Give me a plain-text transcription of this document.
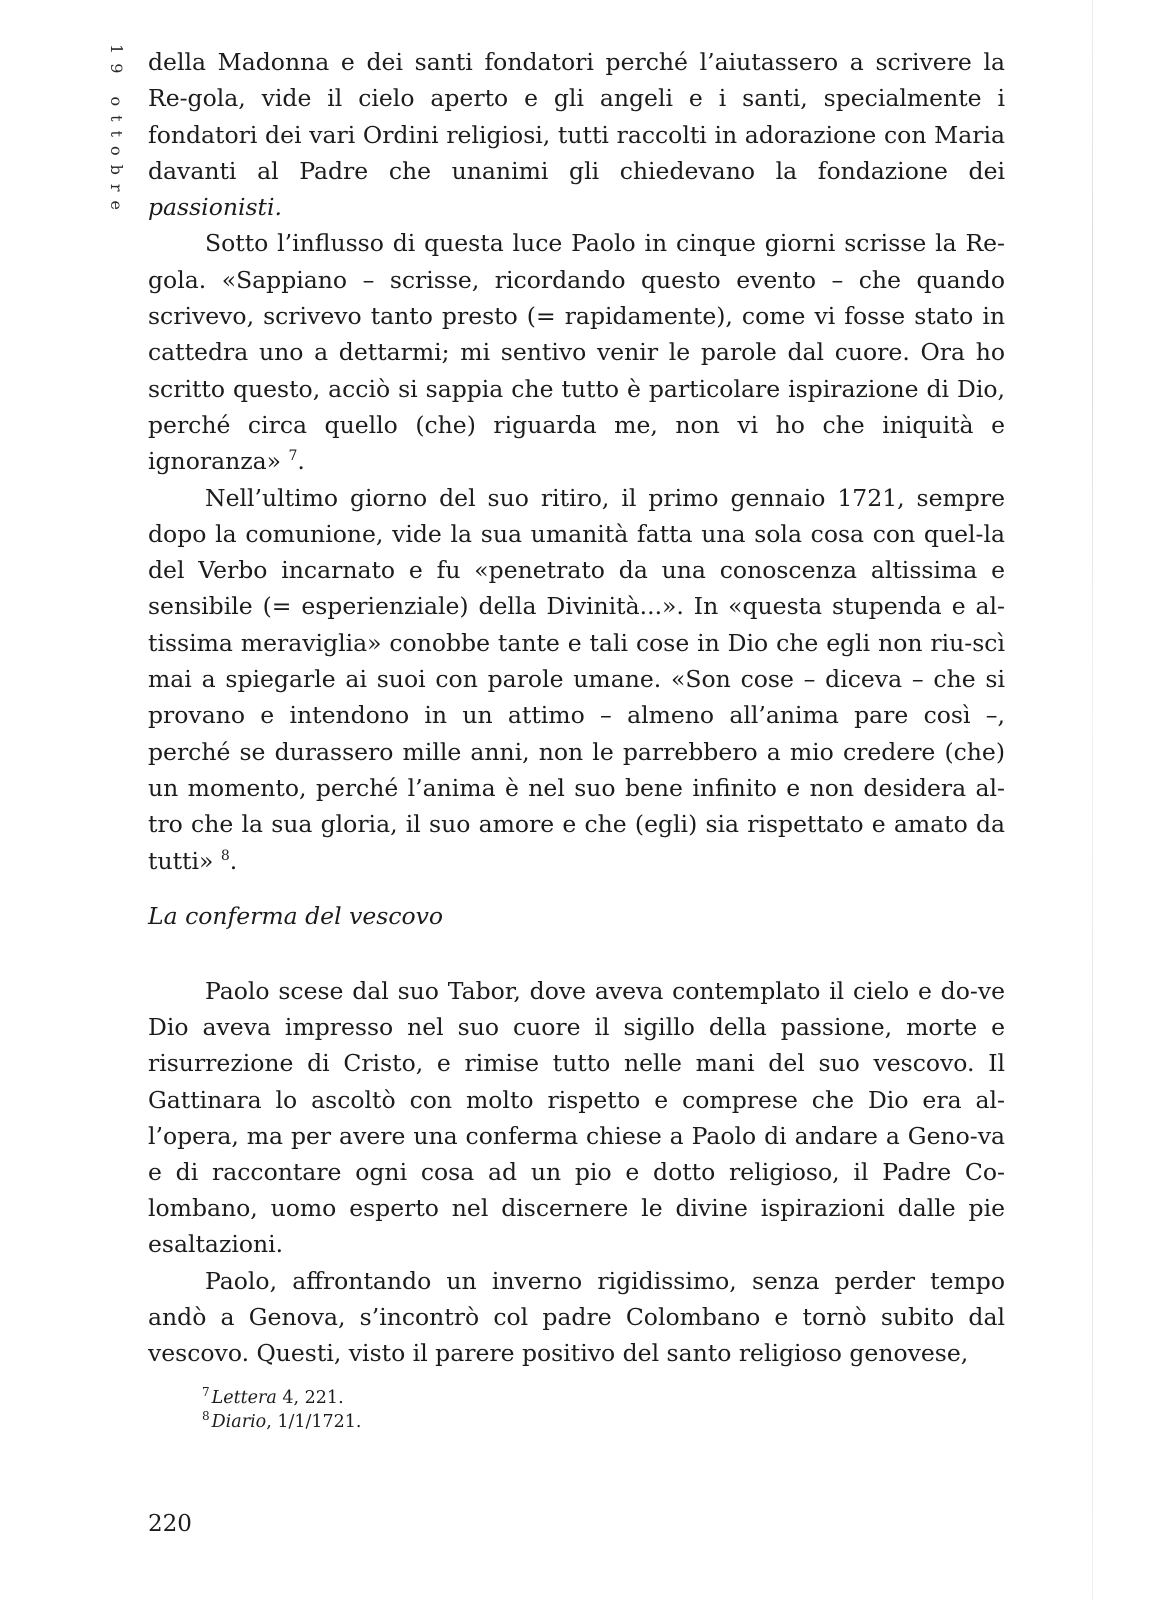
19 ottobre della Madonna e dei santi fondatori perché l’aiutassero a scrivere la Re-gola, vide il cielo aperto e gli angeli e i santi, specialmente i fondatori dei vari Ordini religiosi, tutti raccolti in adorazione con Maria davanti al Padre che unanimi gli chiedevano la fondazione dei passionisti.

Sotto l’influsso di questa luce Paolo in cinque giorni scrisse la Re-gola. «Sappiano – scrisse, ricordando questo evento – che quando scrivevo, scrivevo tanto presto (= rapidamente), come vi fosse stato in cattedra uno a dettarmi; mi sentivo venir le parole dal cuore. Ora ho scritto questo, acciò si sappia che tutto è particolare ispirazione di Dio, perché circa quello (che) riguarda me, non vi ho che iniquità e ignoranza» $^7$.

Nell’ultimo giorno del suo ritiro, il primo gennaio 1721, sempre dopo la comunione, vide la sua umanità fatta una sola cosa con quel-la del Verbo incarnato e fu «penetrato da una conoscenza altissima e sensibile (= esperienziale) della Divinità...». In «questa stupenda e al-tissima meraviglia» conobbe tante e tali cose in Dio che egli non riu-scì mai a spiegarle ai suoi con parole umane. «Son cose – diceva – che si provano e intendono in un attimo – almeno all’anima pare così –, perché se durassero mille anni, non le parrebbero a mio credere (che) un momento, perché l’anima è nel suo bene infinito e non desidera al-tro che la sua gloria, il suo amore e che (egli) sia rispettato e amato da tutti» $^8$.

La conferma del vescovo

Paolo scese dal suo Tabor, dove aveva contemplato il cielo e do-ve Dio aveva impresso nel suo cuore il sigillo della passione, morte e risurrezione di Cristo, e rimise tutto nelle mani del suo vescovo. Il Gattinara lo ascoltò con molto rispetto e comprese che Dio era al-l’opera, ma per avere una conferma chiese a Paolo di andare a Geno-va e di raccontare ogni cosa ad un pio e dotto religioso, il Padre Co-lombano, uomo esperto nel discernere le divine ispirazioni dalle pie esaltazioni.

Paolo, affrontando un inverno rigidissimo, senza perder tempo andò a Genova, s’incontrò col padre Colombano e tornò subito dal vescovo. Questi, visto il parere positivo del santo religioso genovese,

$^7$ Lettera 4, 221.
$^8$ Diario, 1/1/1721.
220
